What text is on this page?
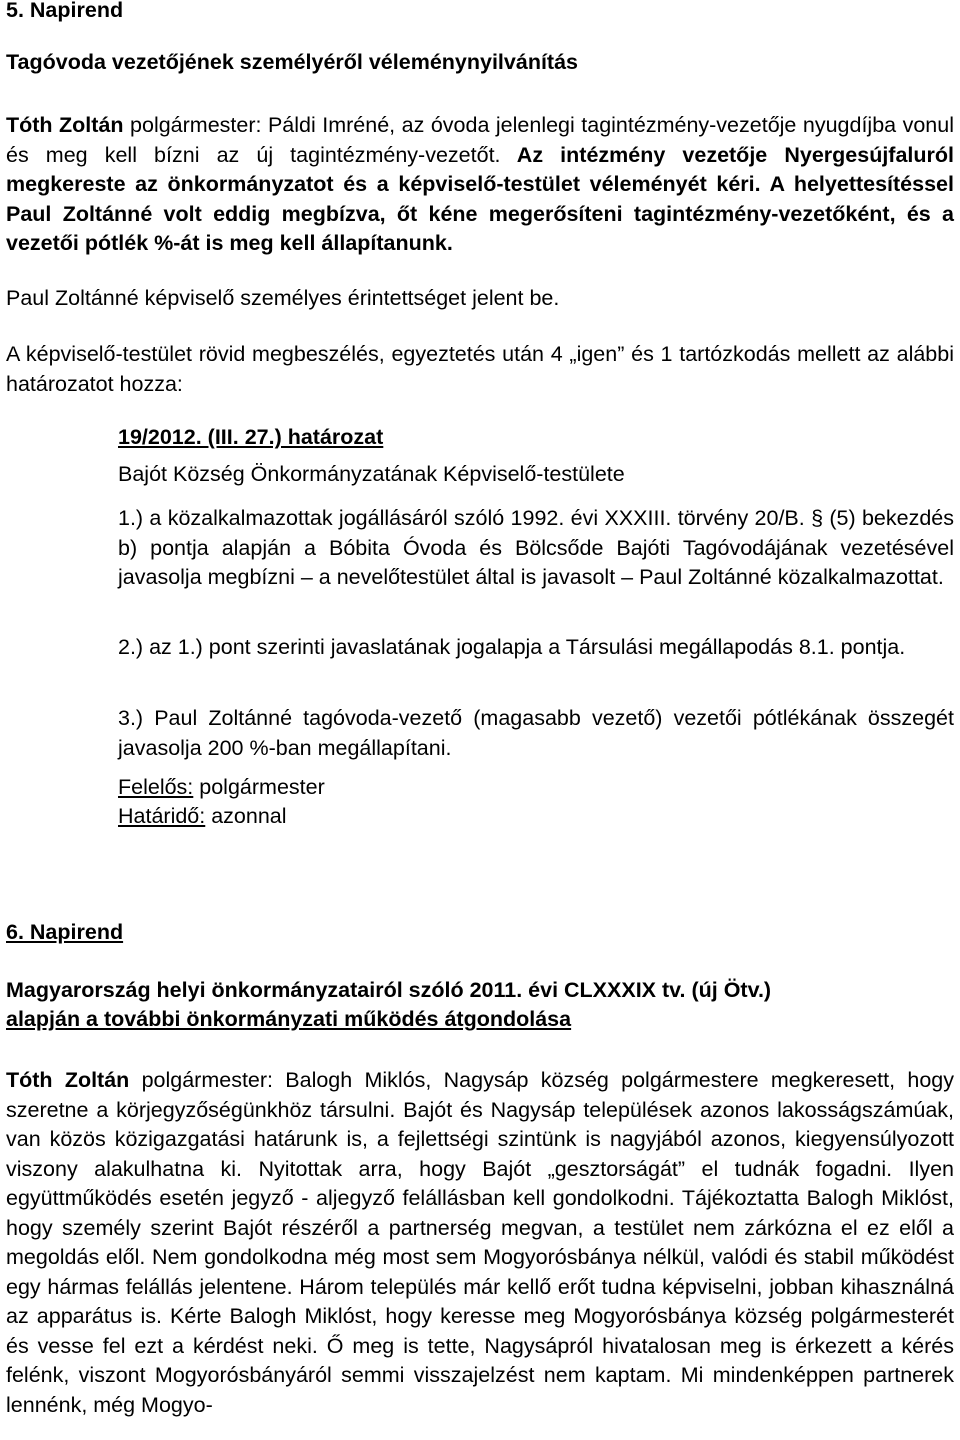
5. Napirend

Tagóvoda vezetőjének személyéről véleménynyilvánítás

Tóth Zoltán polgármester: Páldi Imréné, az óvoda jelenlegi tagintézmény-vezetője nyugdíjba vonul és meg kell bízni az új tagintézmény-vezetőt. Az intézmény vezetője Nyergesújfaluról megkereste az önkormányzatot és a képviselő-testület véleményét kéri. A helyettesítéssel Paul Zoltánné volt eddig megbízva, őt kéne megerősíteni tagintézmény-vezetőként, és a vezetői pótlék %-át is meg kell állapítanunk.

Paul Zoltánné képviselő személyes érintettséget jelent be.

A képviselő-testület rövid megbeszélés, egyeztetés után 4 „igen” és 1 tartózkodás mellett az alábbi határozatot hozza:

19/2012. (III. 27.) határozat

Bajót Község Önkormányzatának Képviselő-testülete

1.) a közalkalmazottak jogállásáról szóló 1992. évi XXXIII. törvény 20/B. § (5) bekezdés b) pontja alapján a Bóbita Óvoda és Bölcsőde Bajóti Tagóvodájának vezetésével javasolja megbízni – a nevelőtestület által is javasolt – Paul Zoltánné közalkalmazottat.

2.) az 1.) pont szerinti javaslatának jogalapja a Társulási megállapodás 8.1. pontja.

3.) Paul Zoltánné tagóvoda-vezető (magasabb vezető) vezetői pótlékának összegét javasolja 200 %-ban megállapítani.

Felelős: polgármester

Határidő: azonnal

6. Napirend

Magyarország helyi önkormányzatairól szóló 2011. évi CLXXXIX tv. (új Ötv.)

alapján a további önkormányzati működés átgondolása

Tóth Zoltán polgármester: Balogh Miklós, Nagysáp község polgármestere megkeresett, hogy szeretne a körjegyzőségünkhöz társulni. Bajót és Nagysáp települések azonos lakosságszámúak, van közös közigazgatási határunk is, a fejlettségi szintünk is nagyjából azonos, kiegyensúlyozott viszony alakulhatna ki. Nyitottak arra, hogy Bajót „gesztorságát” el tudnák fogadni. Ilyen együttműködés esetén jegyző - aljegyző felállásban kell gondolkodni. Tájékoztatta Balogh Miklóst, hogy személy szerint Bajót részéről a partnerség megvan, a testület nem zárkózna el ez elől a megoldás elől. Nem gondolkodna még most sem Mogyorósbánya nélkül, valódi és stabil működést egy hármas felállás jelentene. Három település már kellő erőt tudna képviselni, jobban kihasználná az apparátus is. Kérte Balogh Miklóst, hogy keresse meg Mogyorósbánya község polgármesterét és vesse fel ezt a kérdést neki. Ő meg is tette, Nagysápról hivatalosan meg is érkezett a kérés felénk, viszont Mogyorósbányáról semmi visszajelzést nem kaptam. Mi mindenképpen partnerek lennénk, még Mogyo-
